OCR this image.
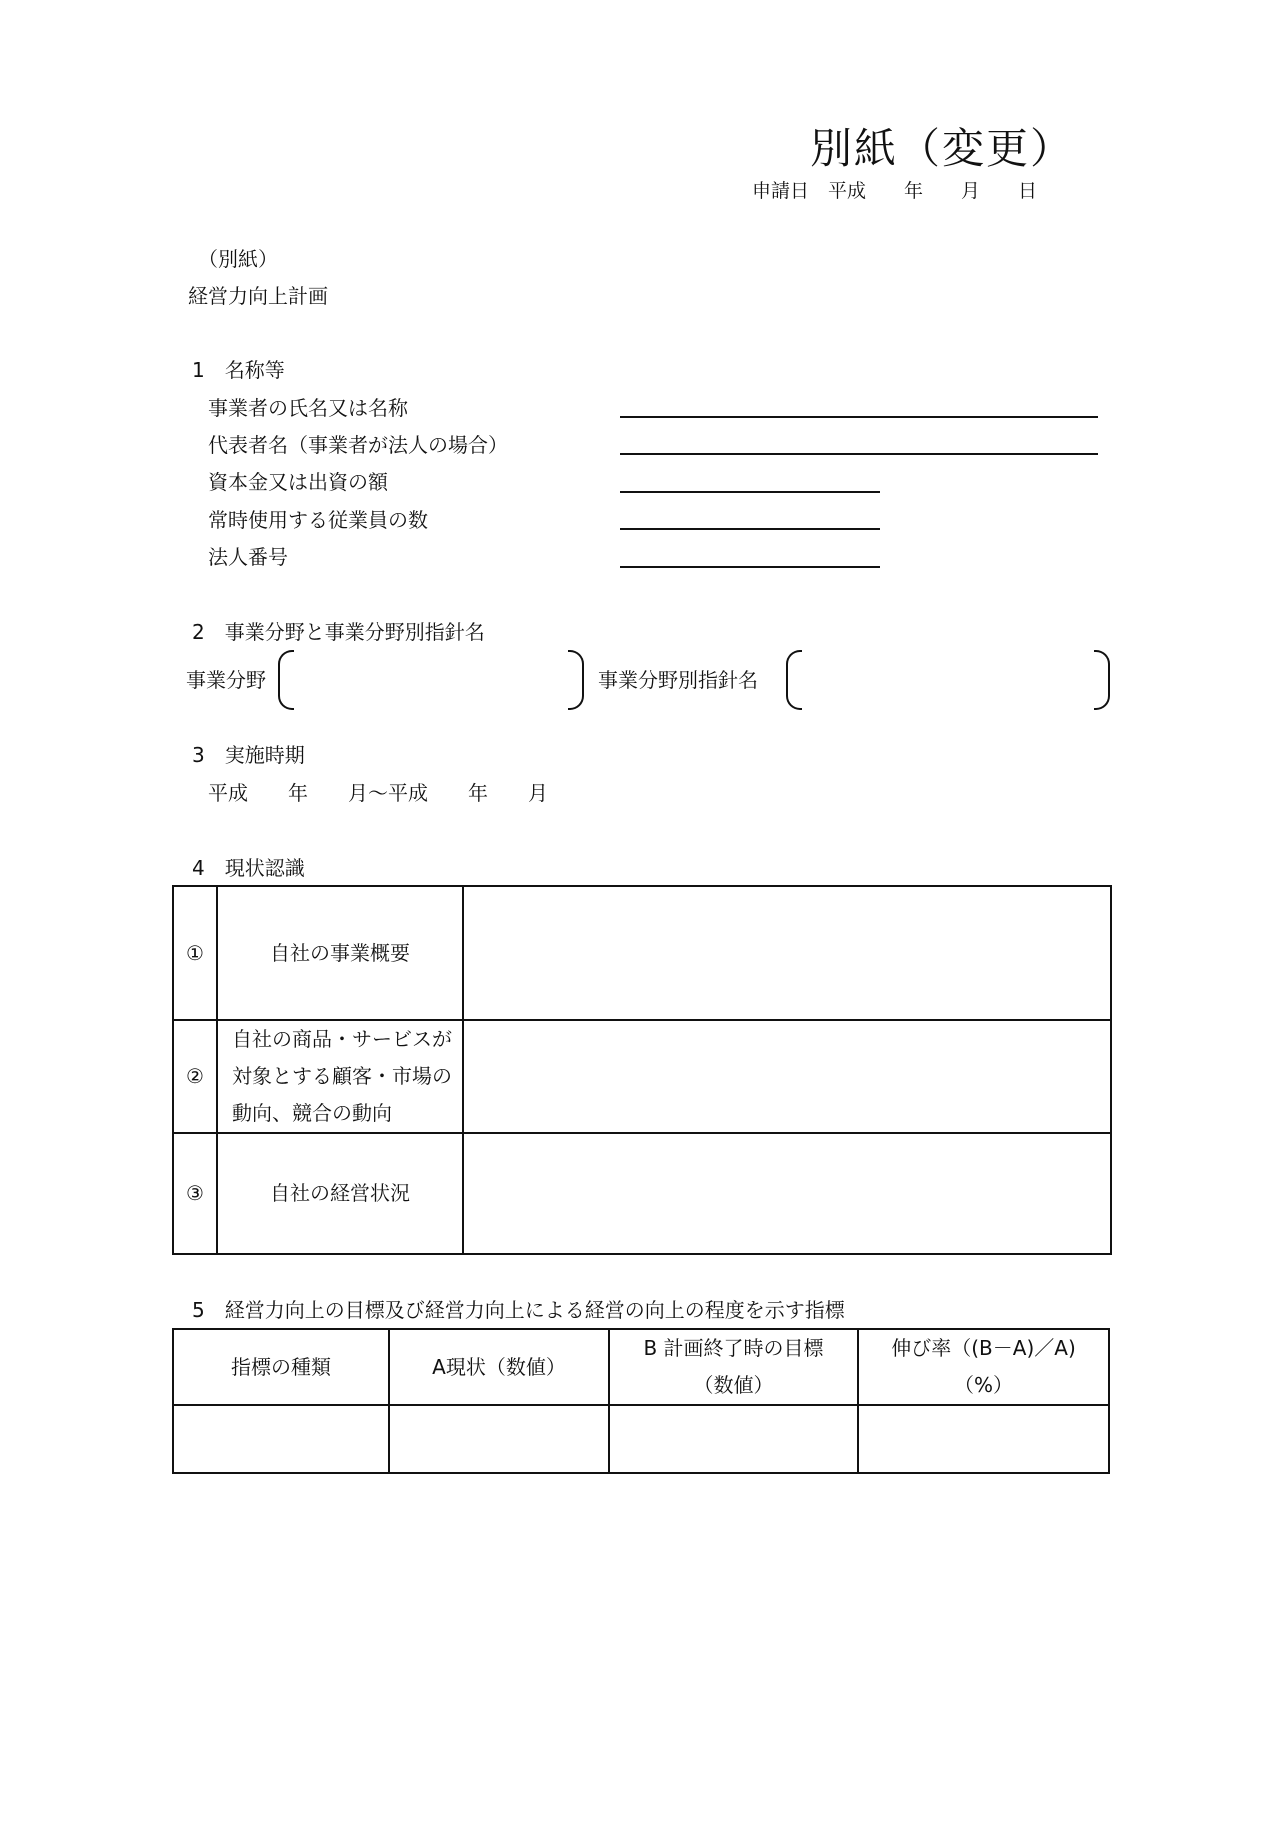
別紙（変更）
申請日　平成　　年　　月　　日
（別紙）
経営力向上計画
1　名称等
事業者の氏名又は名称
代表者名（事業者が法人の場合）
資本金又は出資の額
常時使用する従業員の数
法人番号
2　事業分野と事業分野別指針名
事業分野	事業分野別指針名
3　実施時期
平成　　年　　月～平成　　年　　月
4　現状認識
①	自社の事業概要	
②	自社の商品・サービスが対象とする顧客・市場の動向、競合の動向	
③	自社の経営状況	
5　経営力向上の目標及び経営力向上による経営の向上の程度を示す指標
指標の種類	A現状（数値）	B 計画終了時の目標（数値）	伸び率（(B－A)／A)（%）
